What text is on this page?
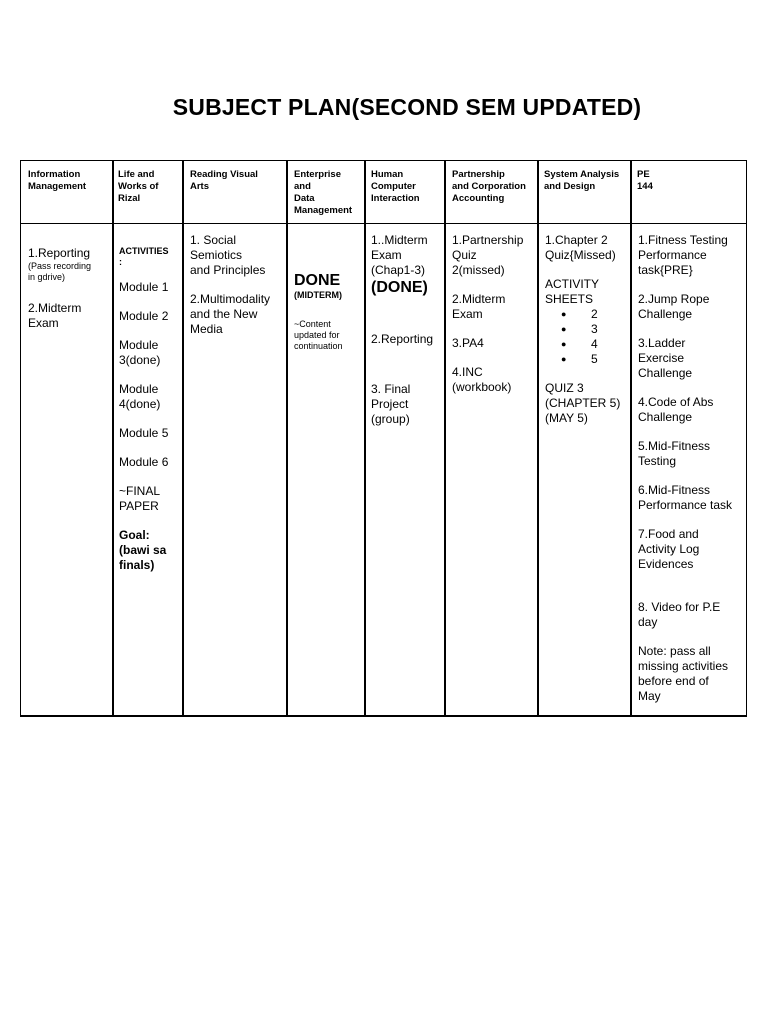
SUBJECT PLAN(SECOND SEM UPDATED)
Information
Management
Life and
Works of
Rizal
Reading Visual
Arts
Enterprise
and
Data
Management
Human
Computer
Interaction
Partnership
and Corporation
Accounting
System Analysis
and Design
PE
144
1.Reporting
(Pass recording
in gdrive)
2.Midterm
Exam
ACTIVITIES
:
Module 1
Module 2
Module
3(done)
Module
4(done)
Module 5
Module 6
~FINAL
PAPER
Goal:
(bawi sa
finals)
1. Social
Semiotics
and Principles
2.Multimodality
and the New
Media
DONE
(MIDTERM)
~Content
updated for
continuation
1..Midterm Exam (Chap1-3)
(DONE)
2.Reporting
3. Final
Project
(group)
1.Partnership
Quiz
2(missed)
2.Midterm
Exam
3.PA4
4.INC
(workbook)
1.Chapter 2
Quiz{Missed)
ACTIVITY
SHEETS
● 2
● 3
● 4
● 5
QUIZ 3
(CHAPTER 5)
(MAY 5)
1.Fitness Testing
Performance
task{PRE}
2.Jump Rope
Challenge
3.Ladder
Exercise
Challenge
4.Code of Abs
Challenge
5.Mid-Fitness
Testing
6.Mid-Fitness
Performance task
7.Food and
Activity Log
Evidences
8. Video for P.E
day
Note: pass all
missing activities
before end of
May
